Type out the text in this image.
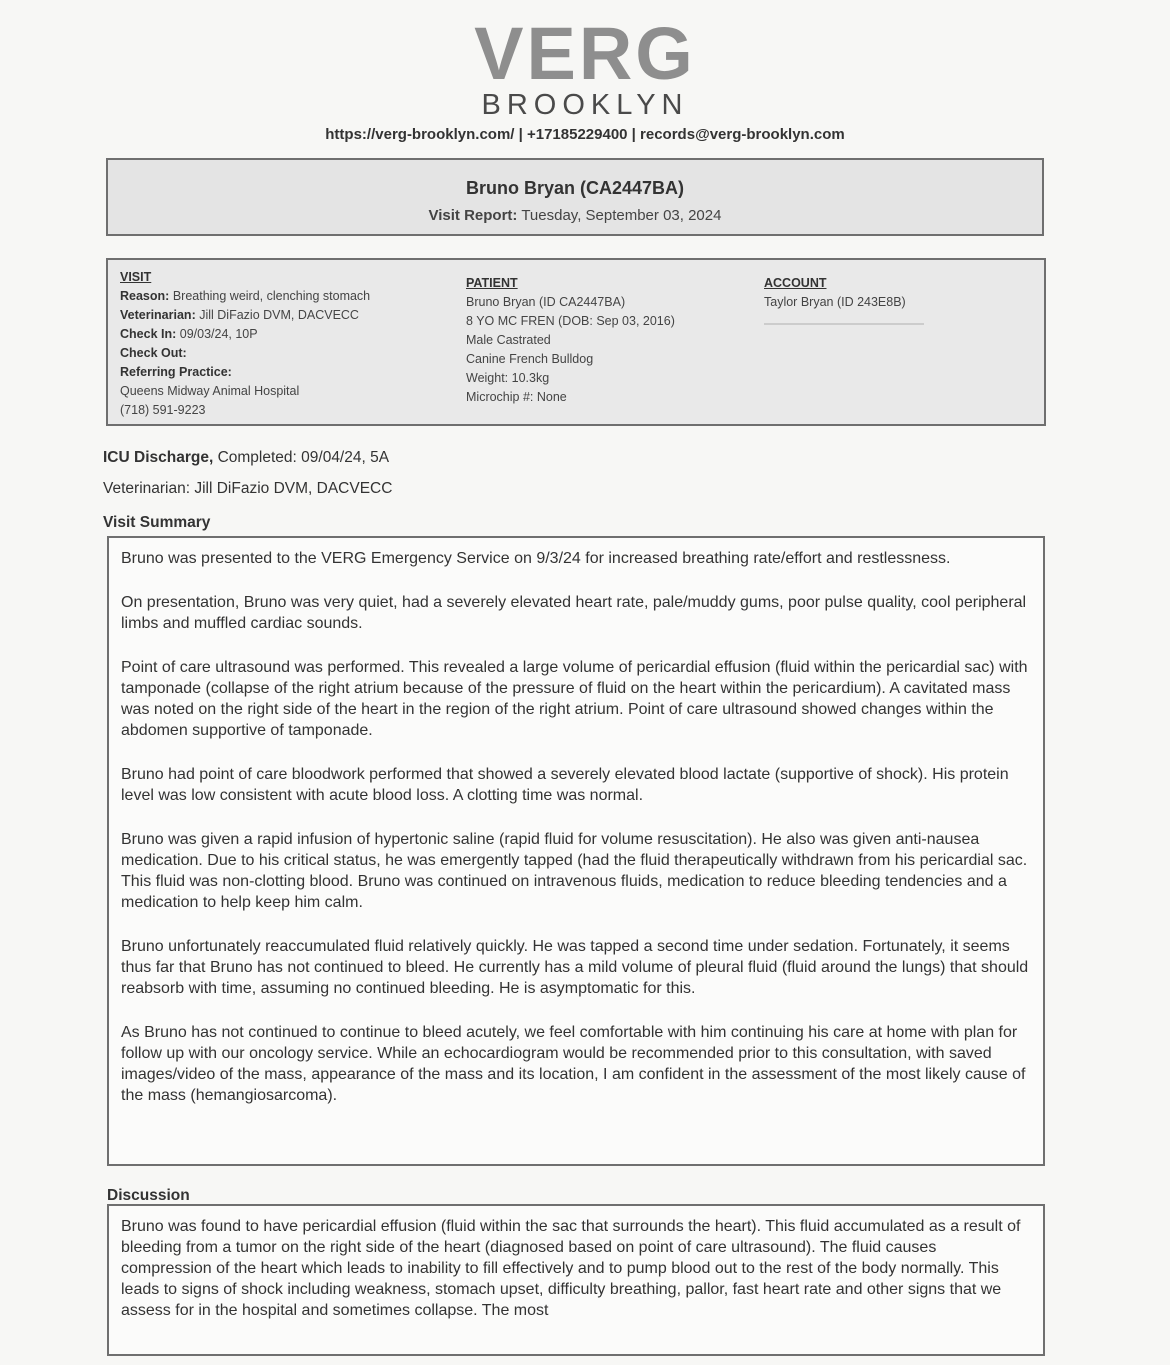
VERG
BROOKLYN
https://verg-brooklyn.com/ | +17185229400 | records@verg-brooklyn.com
Bruno Bryan (CA2447BA)
Visit Report: Tuesday, September 03, 2024
VISIT
Reason: Breathing weird, clenching stomach
Veterinarian: Jill DiFazio DVM, DACVECC
Check In: 09/03/24, 10P
Check Out:
Referring Practice:
Queens Midway Animal Hospital
(718) 591-9223
PATIENT
Bruno Bryan (ID CA2447BA)
8 YO MC FREN (DOB: Sep 03, 2016)
Male Castrated
Canine French Bulldog
Weight: 10.3kg
Microchip #: None
ACCOUNT
Taylor Bryan (ID 243E8B)
ICU Discharge, Completed: 09/04/24, 5A
Veterinarian: Jill DiFazio DVM, DACVECC
Visit Summary

Bruno was presented to the VERG Emergency Service on 9/3/24 for increased breathing rate/effort and restlessness.

On presentation, Bruno was very quiet, had a severely elevated heart rate, pale/muddy gums, poor pulse quality, cool peripheral limbs and muffled cardiac sounds.

Point of care ultrasound was performed. This revealed a large volume of pericardial effusion (fluid within the pericardial sac) with tamponade (collapse of the right atrium because of the pressure of fluid on the heart within the pericardium). A cavitated mass was noted on the right side of the heart in the region of the right atrium. Point of care ultrasound showed changes within the abdomen supportive of tamponade.

Bruno had point of care bloodwork performed that showed a severely elevated blood lactate (supportive of shock). His protein level was low consistent with acute blood loss. A clotting time was normal.

Bruno was given a rapid infusion of hypertonic saline (rapid fluid for volume resuscitation). He also was given anti-nausea medication. Due to his critical status, he was emergently tapped (had the fluid therapeutically withdrawn from his pericardial sac. This fluid was non-clotting blood. Bruno was continued on intravenous fluids, medication to reduce bleeding tendencies and a medication to help keep him calm.

Bruno unfortunately reaccumulated fluid relatively quickly. He was tapped a second time under sedation. Fortunately, it seems thus far that Bruno has not continued to bleed. He currently has a mild volume of pleural fluid (fluid around the lungs) that should reabsorb with time, assuming no continued bleeding. He is asymptomatic for this.

As Bruno has not continued to continue to bleed acutely, we feel comfortable with him continuing his care at home with plan for follow up with our oncology service. While an echocardiogram would be recommended prior to this consultation, with saved images/video of the mass, appearance of the mass and its location, I am confident in the assessment of the most likely cause of the mass (hemangiosarcoma).

Discussion

Bruno was found to have pericardial effusion (fluid within the sac that surrounds the heart). This fluid accumulated as a result of bleeding from a tumor on the right side of the heart (diagnosed based on point of care ultrasound). The fluid causes compression of the heart which leads to inability to fill effectively and to pump blood out to the rest of the body normally. This leads to signs of shock including weakness, stomach upset, difficulty breathing, pallor, fast heart rate and other signs that we assess for in the hospital and sometimes collapse. The most
